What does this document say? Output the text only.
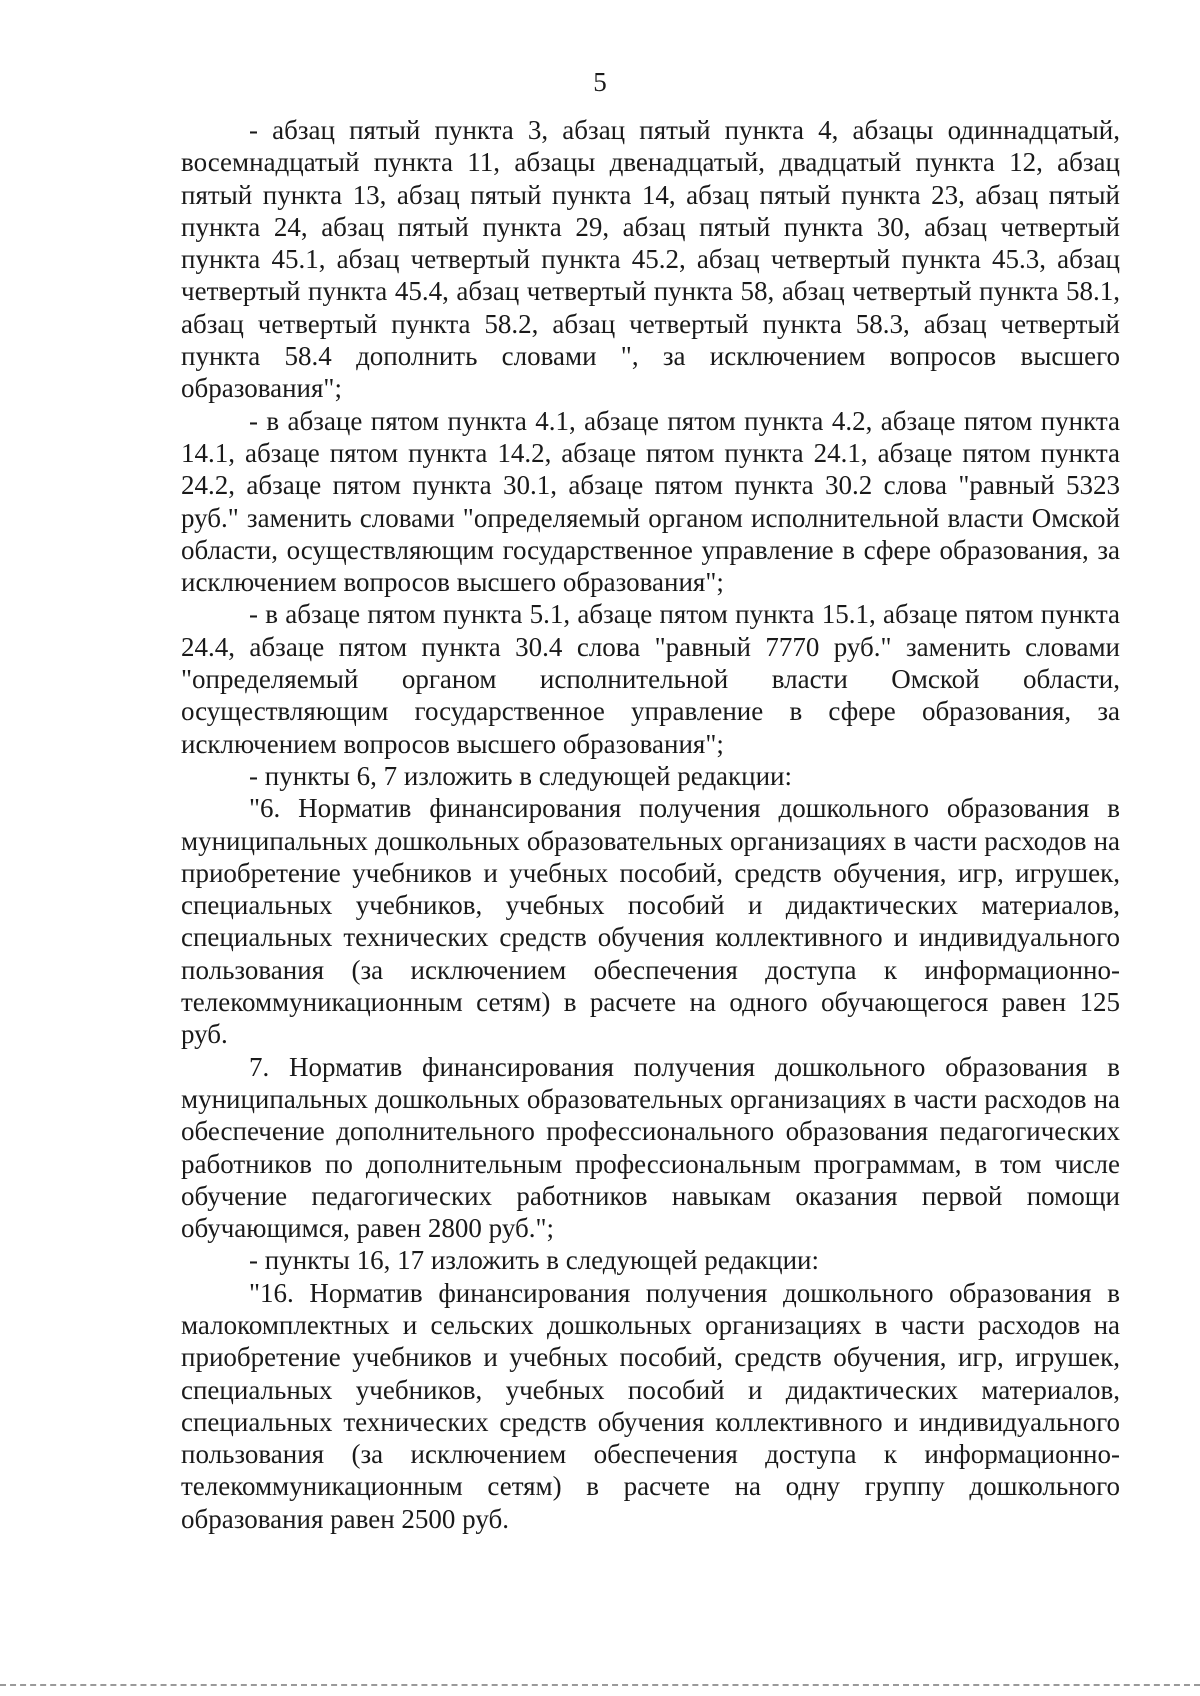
5

- абзац пятый пункта 3, абзац пятый пункта 4, абзацы одиннадцатый, восемнадцатый пункта 11, абзацы двенадцатый, двадцатый пункта 12, абзац пятый пункта 13, абзац пятый пункта 14, абзац пятый пункта 23, абзац пятый пункта 24, абзац пятый пункта 29, абзац пятый пункта 30, абзац четвертый пункта 45.1, абзац четвертый пункта 45.2, абзац четвертый пункта 45.3, абзац четвертый пункта 45.4, абзац четвертый пункта 58, абзац четвертый пункта 58.1, абзац четвертый пункта 58.2, абзац четвертый пункта 58.3, абзац четвертый пункта 58.4 дополнить словами ", за исключением вопросов высшего образования";

- в абзаце пятом пункта 4.1, абзаце пятом пункта 4.2, абзаце пятом пункта 14.1, абзаце пятом пункта 14.2, абзаце пятом пункта 24.1, абзаце пятом пункта 24.2, абзаце пятом пункта 30.1, абзаце пятом пункта 30.2 слова "равный 5323 руб." заменить словами "определяемый органом исполнительной власти Омской области, осуществляющим государственное управление в сфере образования, за исключением вопросов высшего образования";

- в абзаце пятом пункта 5.1, абзаце пятом пункта 15.1, абзаце пятом пункта 24.4, абзаце пятом пункта 30.4 слова "равный 7770 руб." заменить словами "определяемый органом исполнительной власти Омской области, осуществляющим государственное управление в сфере образования, за исключением вопросов высшего образования";

- пункты 6, 7 изложить в следующей редакции:

"6. Норматив финансирования получения дошкольного образования в муниципальных дошкольных образовательных организациях в части расходов на приобретение учебников и учебных пособий, средств обучения, игр, игрушек, специальных учебников, учебных пособий и дидактических материалов, специальных технических средств обучения коллективного и индивидуального пользования (за исключением обеспечения доступа к информационно-телекоммуникационным сетям) в расчете на одного обучающегося равен 125 руб.

7. Норматив финансирования получения дошкольного образования в муниципальных дошкольных образовательных организациях в части расходов на обеспечение дополнительного профессионального образования педагогических работников по дополнительным профессиональным программам, в том числе обучение педагогических работников навыкам оказания первой помощи обучающимся, равен 2800 руб.";

- пункты 16, 17 изложить в следующей редакции:

"16. Норматив финансирования получения дошкольного образования в малокомплектных и сельских дошкольных организациях в части расходов на приобретение учебников и учебных пособий, средств обучения, игр, игрушек, специальных учебников, учебных пособий и дидактических материалов, специальных технических средств обучения коллективного и индивидуального пользования (за исключением обеспечения доступа к информационно-телекоммуникационным сетям) в расчете на одну группу дошкольного образования равен 2500 руб.
